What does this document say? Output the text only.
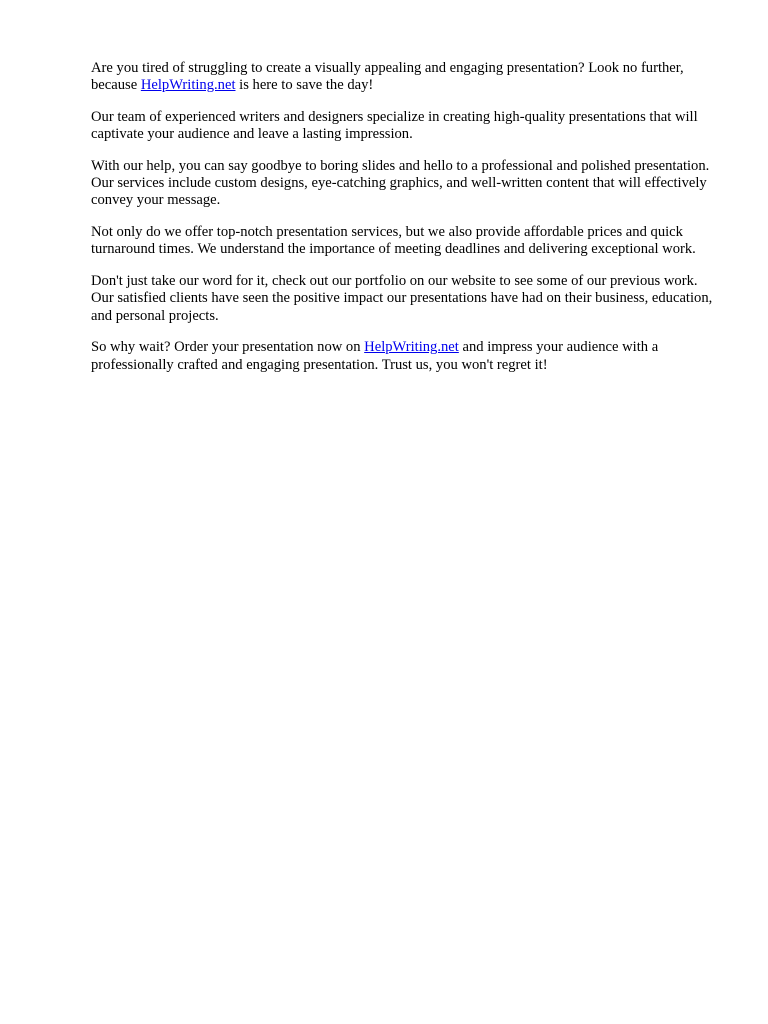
Are you tired of struggling to create a visually appealing and engaging presentation? Look no further, because HelpWriting.net is here to save the day!

Our team of experienced writers and designers specialize in creating high-quality presentations that will captivate your audience and leave a lasting impression.

With our help, you can say goodbye to boring slides and hello to a professional and polished presentation. Our services include custom designs, eye-catching graphics, and well-written content that will effectively convey your message.

Not only do we offer top-notch presentation services, but we also provide affordable prices and quick turnaround times. We understand the importance of meeting deadlines and delivering exceptional work.

Don't just take our word for it, check out our portfolio on our website to see some of our previous work. Our satisfied clients have seen the positive impact our presentations have had on their business, education, and personal projects.

So why wait? Order your presentation now on HelpWriting.net and impress your audience with a professionally crafted and engaging presentation. Trust us, you won't regret it!
